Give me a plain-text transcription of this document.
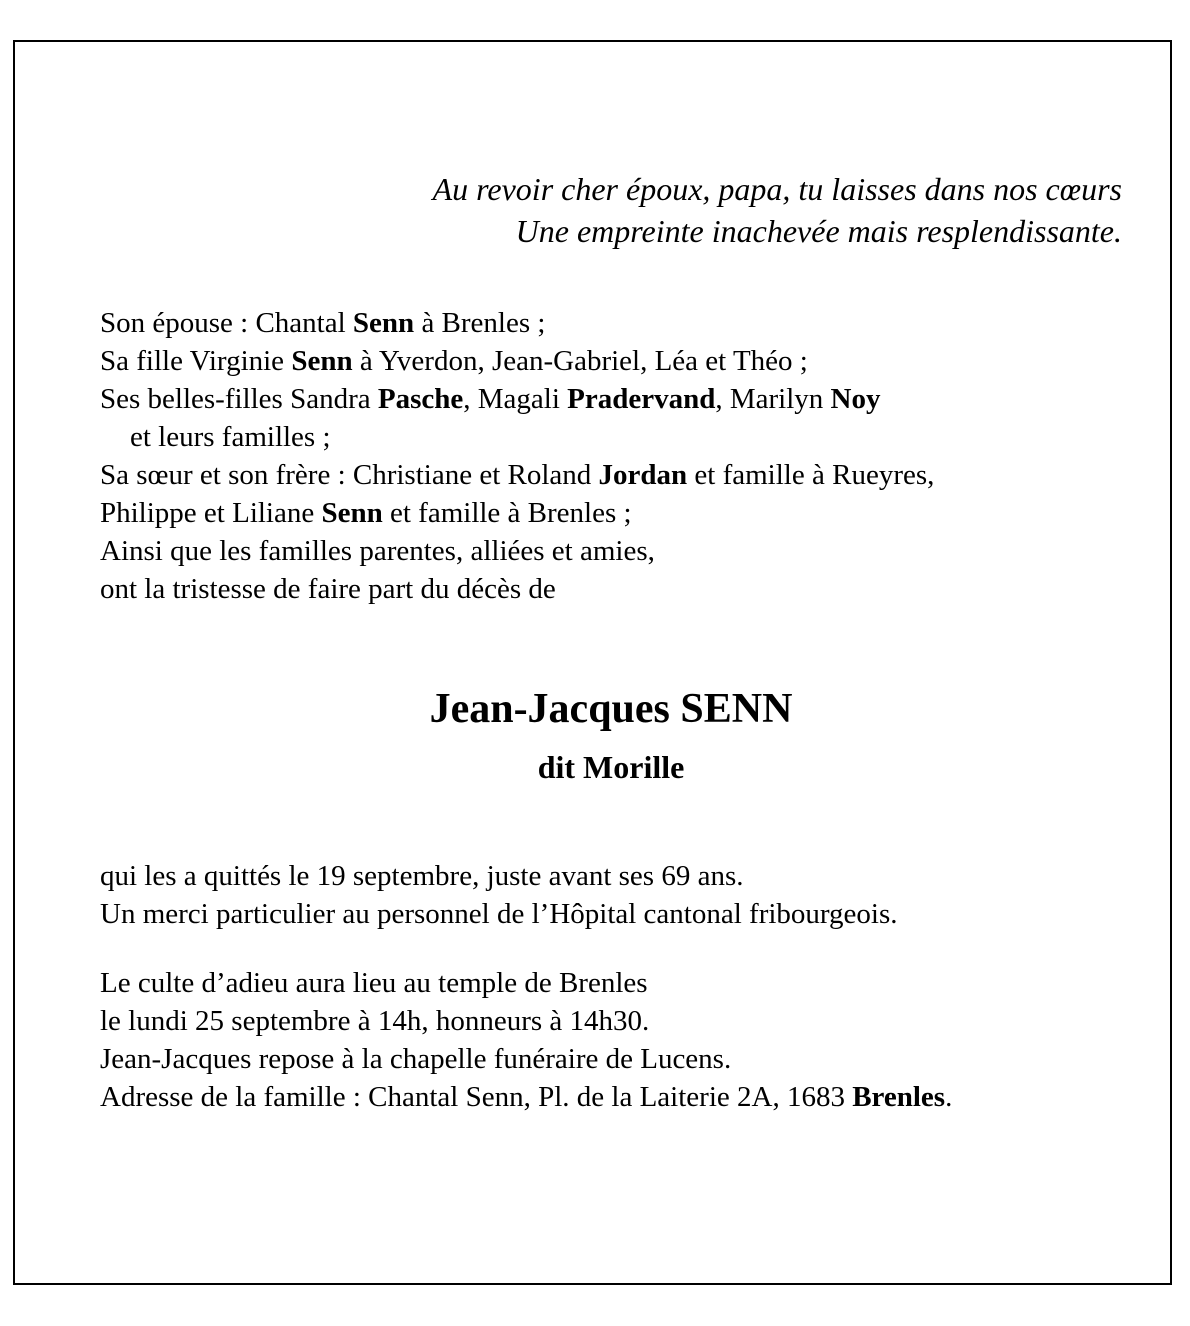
Au revoir cher époux, papa, tu laisses dans nos cœurs

Une empreinte inachevée mais resplendissante.

Son épouse : Chantal Senn à Brenles ;

Sa fille Virginie Senn à Yverdon, Jean-Gabriel, Léa et Théo ;

Ses belles-filles Sandra Pasche, Magali Pradervand, Marilyn Noy

et leurs familles ;

Sa sœur et son frère : Christiane et Roland Jordan et famille à Rueyres,

Philippe et Liliane Senn et famille à Brenles ;

Ainsi que les familles parentes, alliées et amies,

ont la tristesse de faire part du décès de

Jean-Jacques SENN
dit Morille

qui les a quittés le 19 septembre, juste avant ses 69 ans.

Un merci particulier au personnel de l’Hôpital cantonal fribourgeois.

Le culte d’adieu aura lieu au temple de Brenles

le lundi 25 septembre à 14h, honneurs à 14h30.

Jean-Jacques repose à la chapelle funéraire de Lucens.

Adresse de la famille : Chantal Senn, Pl. de la Laiterie 2A, 1683 Brenles.
